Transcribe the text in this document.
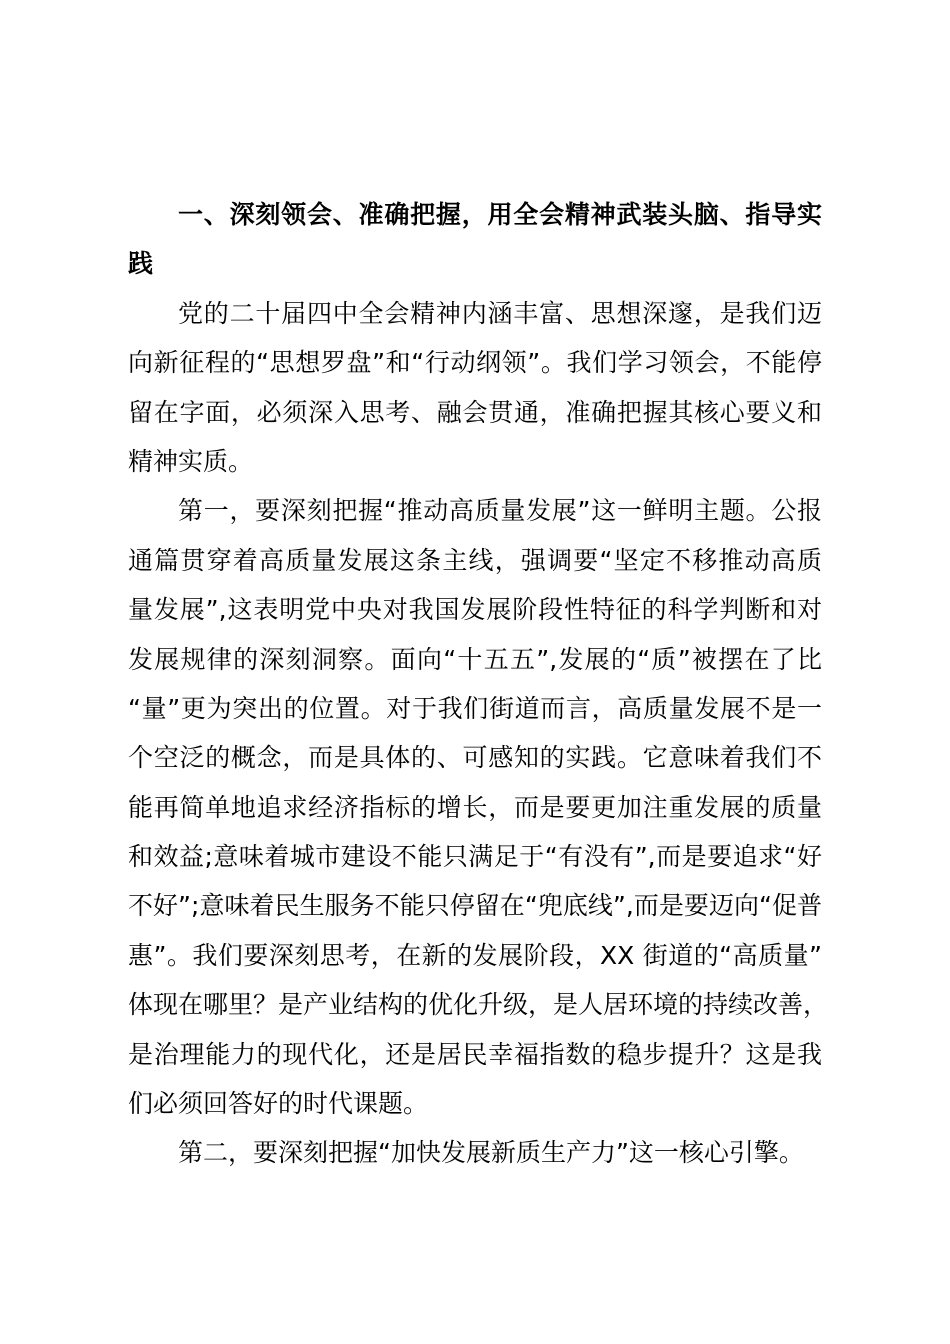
一、深刻领会、准确把握，用全会精神武装头脑、指导实
践
党的二十届四中全会精神内涵丰富、思想深邃，是我们迈
向新征程的“思想罗盘”和“行动纲领”。我们学习领会，不能停
留在字面，必须深入思考、融会贯通，准确把握其核心要义和
精神实质。
第一，要深刻把握“推动高质量发展”这一鲜明主题。公报
通篇贯穿着高质量发展这条主线，强调要“坚定不移推动高质
量发展”,这表明党中央对我国发展阶段性特征的科学判断和对
发展规律的深刻洞察。面向“十五五”,发展的“质”被摆在了比
“量”更为突出的位置。对于我们街道而言，高质量发展不是一
个空泛的概念，而是具体的、可感知的实践。它意味着我们不
能再简单地追求经济指标的增长，而是要更加注重发展的质量
和效益;意味着城市建设不能只满足于“有没有”,而是要追求“好
不好”;意味着民生服务不能只停留在“兜底线”,而是要迈向“促普
惠”。我们要深刻思考，在新的发展阶段，XX 街道的“高质量”
体现在哪里？是产业结构的优化升级，是人居环境的持续改善，
是治理能力的现代化，还是居民幸福指数的稳步提升？这是我
们必须回答好的时代课题。
第二，要深刻把握“加快发展新质生产力”这一核心引擎。
